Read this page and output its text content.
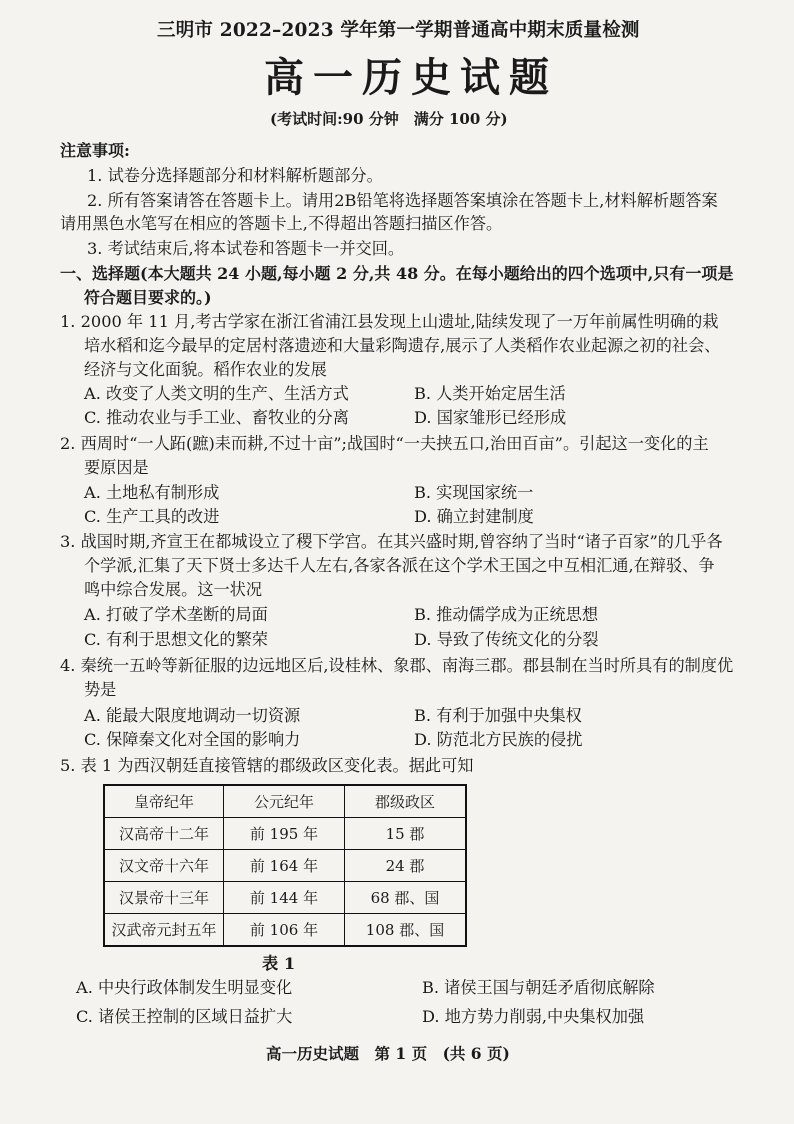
三明市 2022–2023 学年第一学期普通高中期末质量检测
高一历史试题
(考试时间:90 分钟　满分 100 分)
注意事项:
1. 试卷分选择题部分和材料解析题部分。
2. 所有答案请答在答题卡上。请用2B铅笔将选择题答案填涂在答题卡上,材料解析题答案
请用黑色水笔写在相应的答题卡上,不得超出答题扫描区作答。
3. 考试结束后,将本试卷和答题卡一并交回。
一、选择题(本大题共 24 小题,每小题 2 分,共 48 分。在每小题给出的四个选项中,只有一项是
符合题目要求的。)
1. 2000 年 11 月,考古学家在浙江省浦江县发现上山遗址,陆续发现了一万年前属性明确的栽
培水稻和迄今最早的定居村落遗迹和大量彩陶遗存,展示了人类稻作农业起源之初的社会、
经济与文化面貌。稻作农业的发展
A. 改变了人类文明的生产、生活方式	B. 人类开始定居生活
C. 推动农业与手工业、畜牧业的分离	D. 国家雏形已经形成
2. 西周时“一人跖(蹠)耒而耕,不过十亩”;战国时“一夫挟五口,治田百亩”。引起这一变化的主
要原因是
A. 土地私有制形成	B. 实现国家统一
C. 生产工具的改进	D. 确立封建制度
3. 战国时期,齐宣王在都城设立了稷下学宫。在其兴盛时期,曾容纳了当时“诸子百家”的几乎各
个学派,汇集了天下贤士多达千人左右,各家各派在这个学术王国之中互相汇通,在辩驳、争
鸣中综合发展。这一状况
A. 打破了学术垄断的局面	B. 推动儒学成为正统思想
C. 有利于思想文化的繁荣	D. 导致了传统文化的分裂
4. 秦统一五岭等新征服的边远地区后,设桂林、象郡、南海三郡。郡县制在当时所具有的制度优
势是
A. 能最大限度地调动一切资源	B. 有利于加强中央集权
C. 保障秦文化对全国的影响力	D. 防范北方民族的侵扰
5. 表 1 为西汉朝廷直接管辖的郡级政区变化表。据此可知
皇帝纪年	公元纪年	郡级政区
汉高帝十二年	前 195 年	15 郡
汉文帝十六年	前 164 年	24 郡
汉景帝十三年	前 144 年	68 郡、国
汉武帝元封五年	前 106 年	108 郡、国
表 1
A. 中央行政体制发生明显变化	B. 诸侯王国与朝廷矛盾彻底解除
C. 诸侯王控制的区域日益扩大	D. 地方势力削弱,中央集权加强
高一历史试题　第 1 页　(共 6 页)
